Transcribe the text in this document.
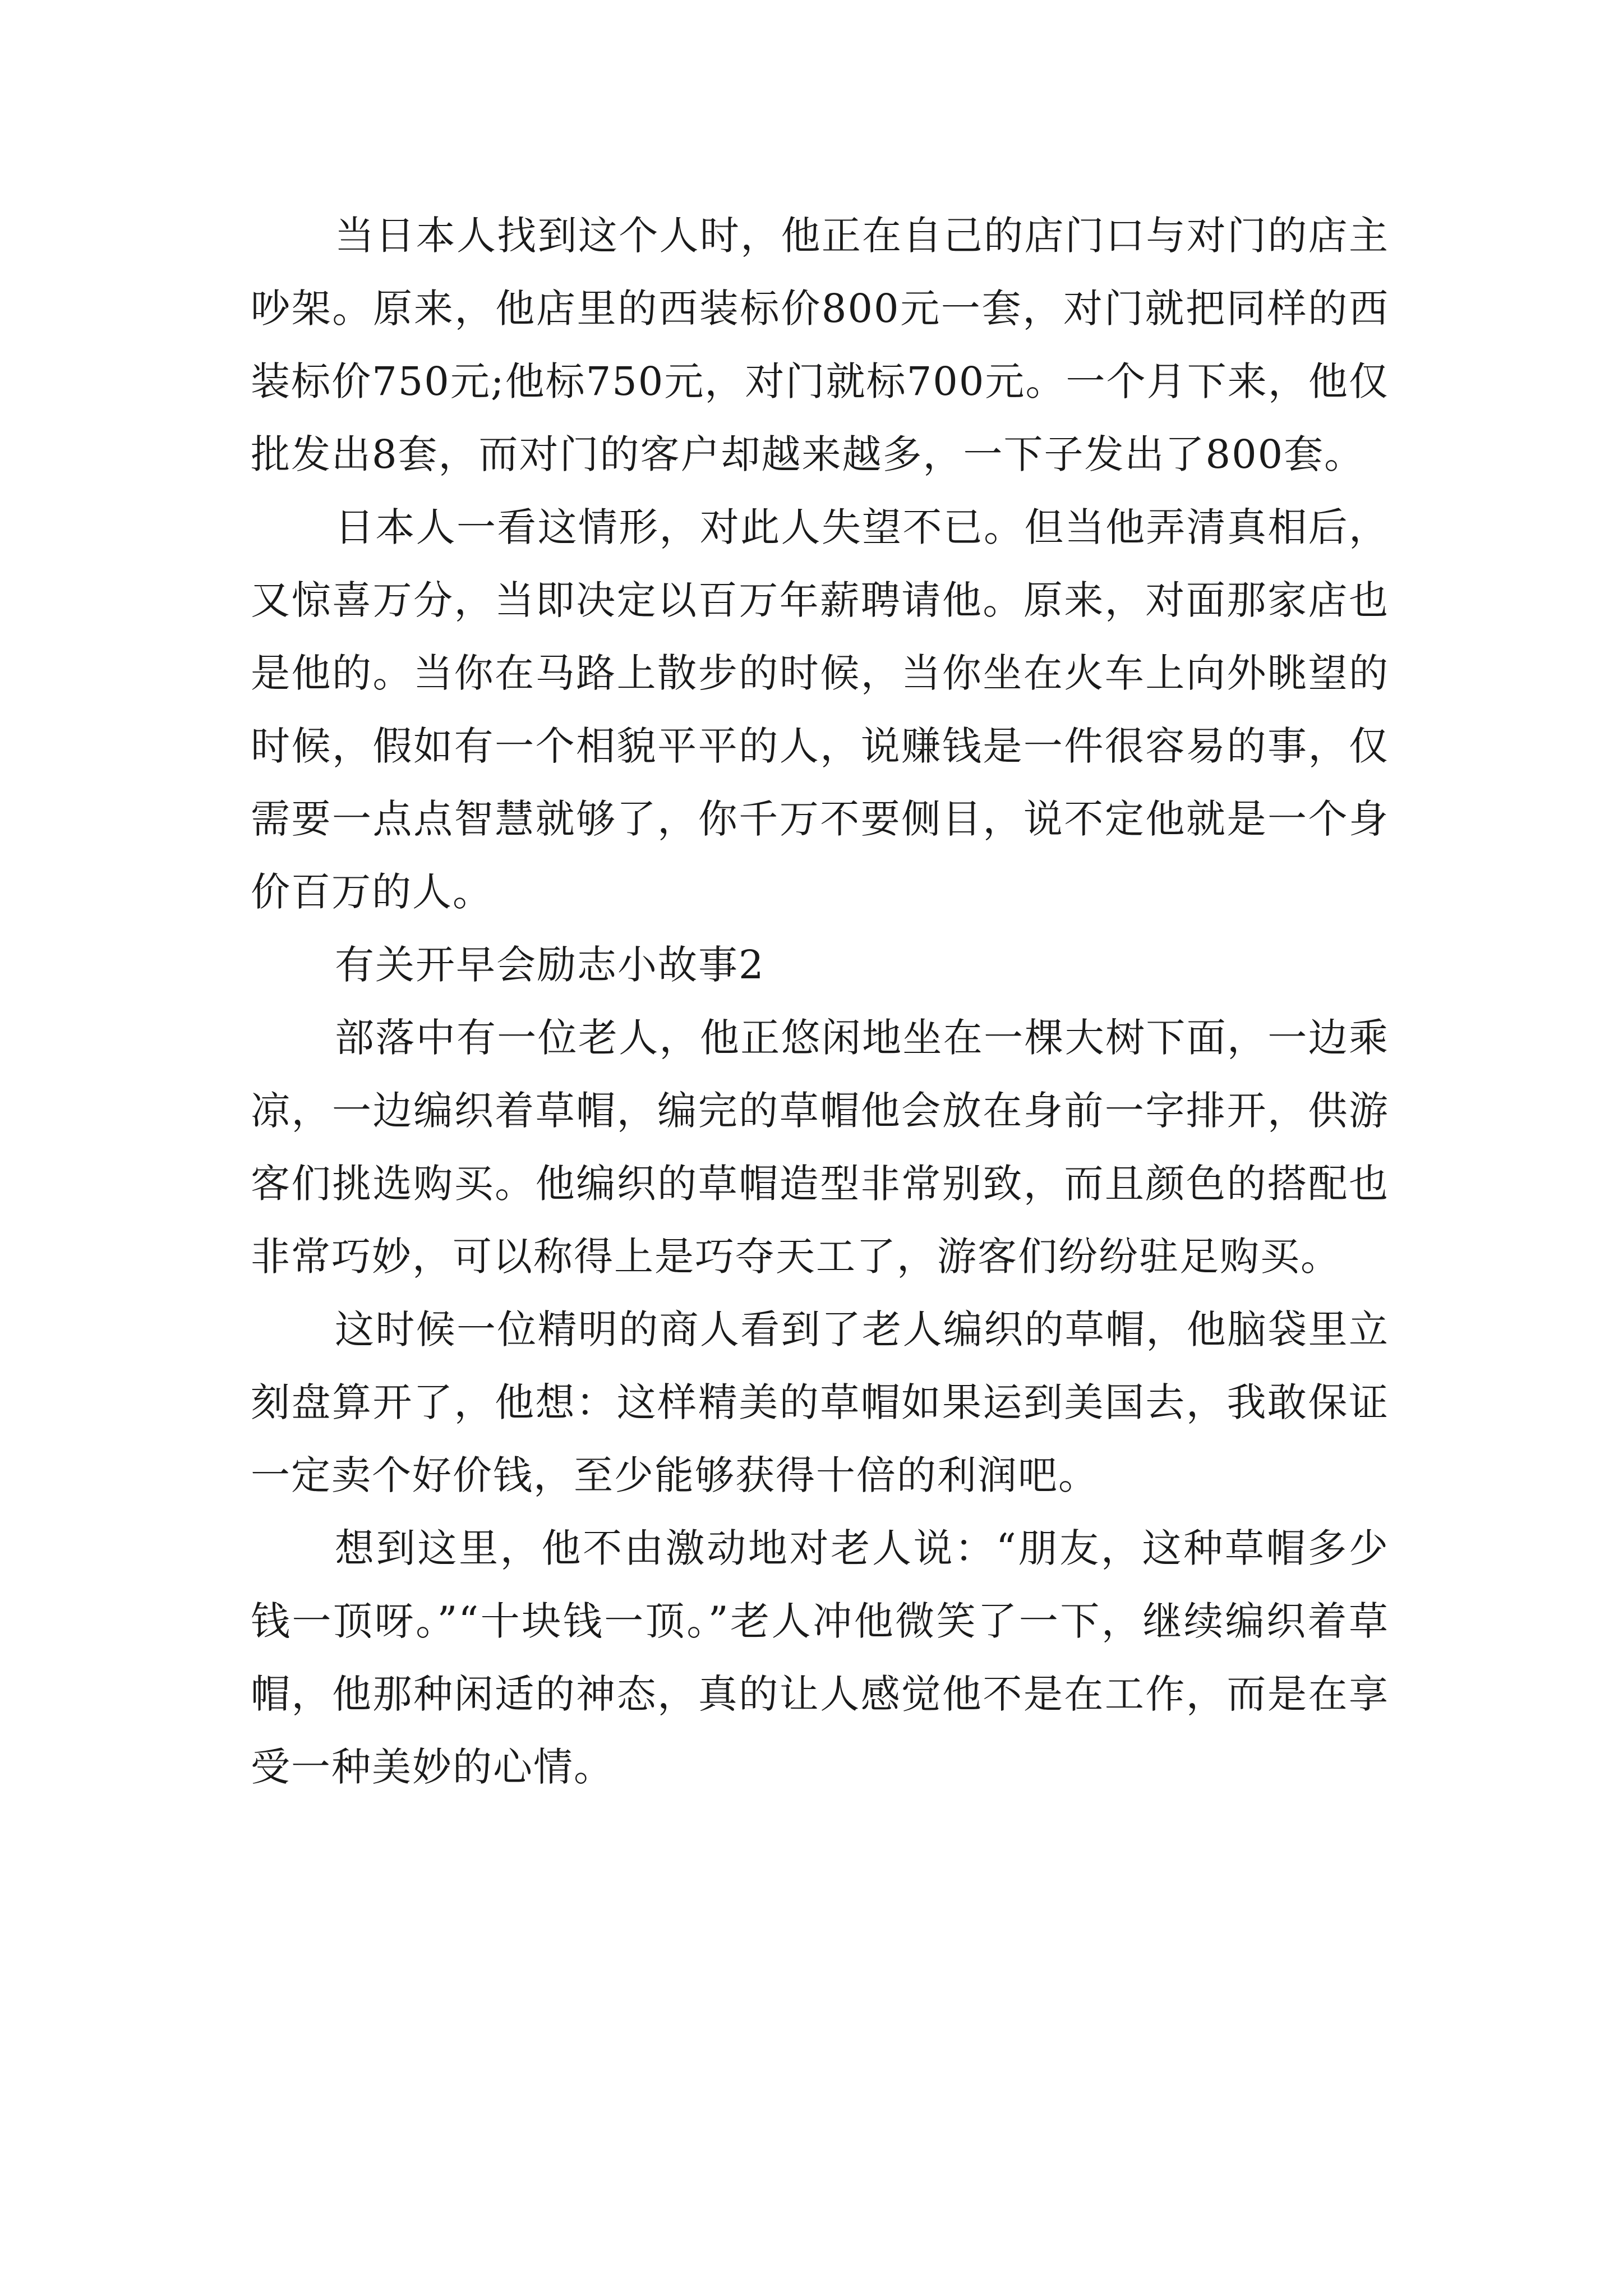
当日本人找到这个人时，他正在自己的店门口与对门的店主吵架。原来，他店里的西装标价800元一套，对门就把同样的西装标价750元;他标750元，对门就标700元。一个月下来，他仅批发出8套，而对门的客户却越来越多，一下子发出了800套。

日本人一看这情形，对此人失望不已。但当他弄清真相后，又惊喜万分，当即决定以百万年薪聘请他。原来，对面那家店也是他的。当你在马路上散步的时候，当你坐在火车上向外眺望的时候，假如有一个相貌平平的人，说赚钱是一件很容易的事，仅需要一点点智慧就够了，你千万不要侧目，说不定他就是一个身价百万的人。

有关开早会励志小故事2

部落中有一位老人，他正悠闲地坐在一棵大树下面，一边乘凉，一边编织着草帽，编完的草帽他会放在身前一字排开，供游客们挑选购买。他编织的草帽造型非常别致，而且颜色的搭配也非常巧妙，可以称得上是巧夺天工了，游客们纷纷驻足购买。

这时候一位精明的商人看到了老人编织的草帽，他脑袋里立刻盘算开了，他想：这样精美的草帽如果运到美国去，我敢保证一定卖个好价钱，至少能够获得十倍的利润吧。

想到这里，他不由激动地对老人说：“朋友，这种草帽多少钱一顶呀。”“十块钱一顶。”老人冲他微笑了一下，继续编织着草帽，他那种闲适的神态，真的让人感觉他不是在工作，而是在享受一种美妙的心情。
